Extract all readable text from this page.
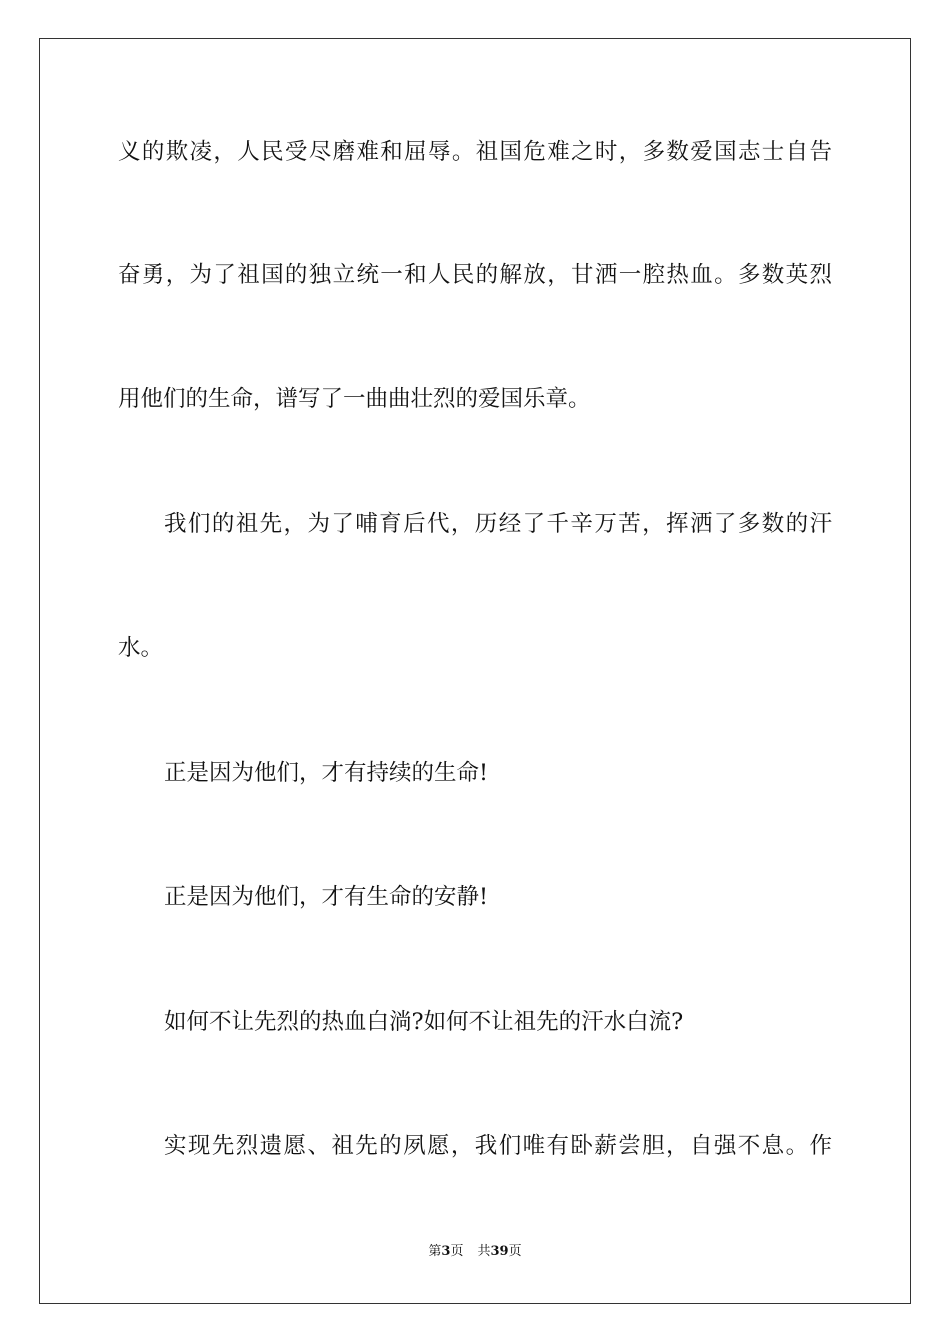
义的欺凌，人民受尽磨难和屈辱。祖国危难之时，多数爱国志士自告

奋勇，为了祖国的独立统一和人民的解放，甘洒一腔热血。多数英烈

用他们的生命，谱写了一曲曲壮烈的爱国乐章。

我们的祖先，为了哺育后代，历经了千辛万苦，挥洒了多数的汗

水。

正是因为他们，才有持续的生命!

正是因为他们，才有生命的安静!

如何不让先烈的热血白淌?如何不让祖先的汗水白流?

实现先烈遗愿、祖先的夙愿，我们唯有卧薪尝胆，自强不息。作

第3页 共39页
